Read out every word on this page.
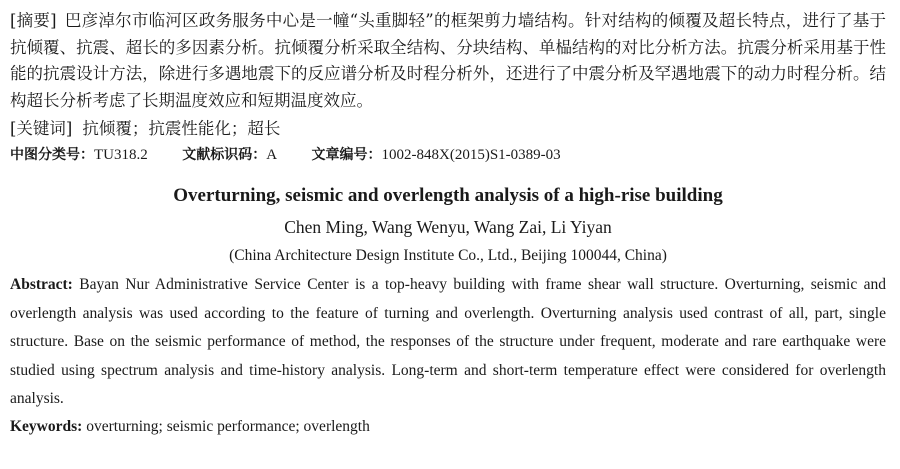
[摘要] 巴彦淖尔市临河区政务服务中心是一幢“头重脚轻”的框架剪力墙结构。针对结构的倾覆及超长特点，进行了基于抗倾覆、抗震、超长的多因素分析。抗倾覆分析采取全结构、分块结构、单榀结构的对比分析方法。抗震分析采用基于性能的抗震设计方法，除进行多遇地震下的反应谱分析及时程分析外，还进行了中震分析及罕遇地震下的动力时程分析。结构超长分析考虑了长期温度效应和短期温度效应。

[关键词] 抗倾覆；抗震性能化；超长

中图分类号：TU318.2 文献标识码：A 文章编号：1002-848X(2015)S1-0389-03

Overturning, seismic and overlength analysis of a high-rise building

Chen Ming, Wang Wenyu, Wang Zai, Li Yiyan

(China Architecture Design Institute Co., Ltd., Beijing 100044, China)

Abstract: Bayan Nur Administrative Service Center is a top-heavy building with frame shear wall structure. Overturning, seismic and overlength analysis was used according to the feature of turning and overlength. Overturning analysis used contrast of all, part, single structure. Base on the seismic performance of method, the responses of the structure under frequent, moderate and rare earthquake were studied using spectrum analysis and time-history analysis. Long-term and short-term temperature effect were considered for overlength analysis.

Keywords: overturning; seismic performance; overlength
